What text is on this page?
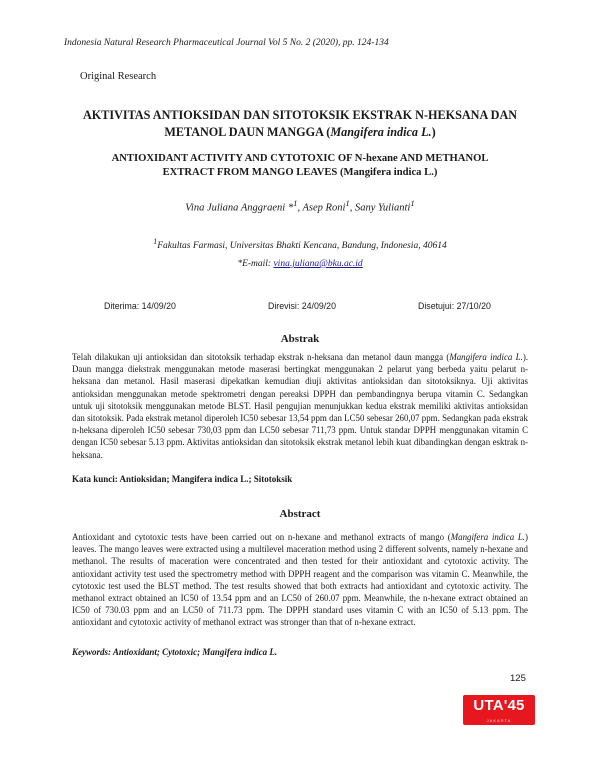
Indonesia Natural Research Pharmaceutical Journal Vol 5 No. 2 (2020), pp. 124-134
Original Research
AKTIVITAS ANTIOKSIDAN DAN SITOTOKSIK EKSTRAK N-HEKSANA DAN METANOL DAUN MANGGA (Mangifera indica L.)
ANTIOXIDANT ACTIVITY AND CYTOTOXIC OF N-hexane AND METHANOL
EXTRACT FROM MANGO LEAVES (Mangifera indica L.)
Vina Juliana Anggraeni *$^1$, Asep Roni$^1$, Sany Yulianti$^1$
$^1$Fakultas Farmasi, Universitas Bhakti Kencana, Bandung, Indonesia, 40614
*E-mail: vina.juliana@bku.ac.id
Diterima: 14/09/20	Direvisi: 24/09/20	Disetujui: 27/10/20
Abstrak
Telah dilakukan uji antioksidan dan sitotoksik terhadap ekstrak n-heksana dan metanol daun mangga (Mangifera indica L.). Daun mangga diekstrak menggunakan metode maserasi bertingkat menggunakan 2 pelarut yang berbeda yaitu pelarut n-heksana dan metanol. Hasil maserasi dipekatkan kemudian diuji aktivitas antioksidan dan sitotoksiknya. Uji aktivitas antioksidan menggunakan metode spektrometri dengan pereaksi DPPH dan pembandingnya berupa vitamin C. Sedangkan untuk uji sitotoksik menggunakan metode BLST. Hasil pengujian menunjukkan kedua ekstrak memiliki aktivitas antioksidan dan sitotoksik. Pada ekstrak metanol diperoleh IC50 sebesar 13,54 ppm dan LC50 sebesar 260,07 ppm. Sedangkan pada ekstrak n-heksana diperoleh IC50 sebesar 730,03 ppm dan LC50 sebesar 711,73 ppm. Untuk standar DPPH menggunakan vitamin C dengan IC50 sebesar 5.13 ppm. Aktivitas antioksidan dan sitotoksik ekstrak metanol lebih kuat dibandingkan dengan esktrak n-heksana.
Kata kunci: Antioksidan; Mangifera indica L.; Sitotoksik
Abstract
Antioxidant and cytotoxic tests have been carried out on n-hexane and methanol extracts of mango (Mangifera indica L.) leaves. The mango leaves were extracted using a multilevel maceration method using 2 different solvents, namely n-hexane and methanol. The results of maceration were concentrated and then tested for their antioxidant and cytotoxic activity. The antioxidant activity test used the spectrometry method with DPPH reagent and the comparison was vitamin C. Meanwhile, the cytotoxic test used the BLST method. The test results showed that both extracts had antioxidant and cytotoxic activity. The methanol extract obtained an IC50 of 13.54 ppm and an LC50 of 260.07 ppm. Meanwhile, the n-hexane extract obtained an IC50 of 730.03 ppm and an LC50 of 711.73 ppm. The DPPH standard uses vitamin C with an IC50 of 5.13 ppm. The antioxidant and cytotoxic activity of methanol extract was stronger than that of n-hexane extract.
Keywords: Antioxidant; Cytotoxic; Mangifera indica L.
125
UTA'45
JAKARTA
